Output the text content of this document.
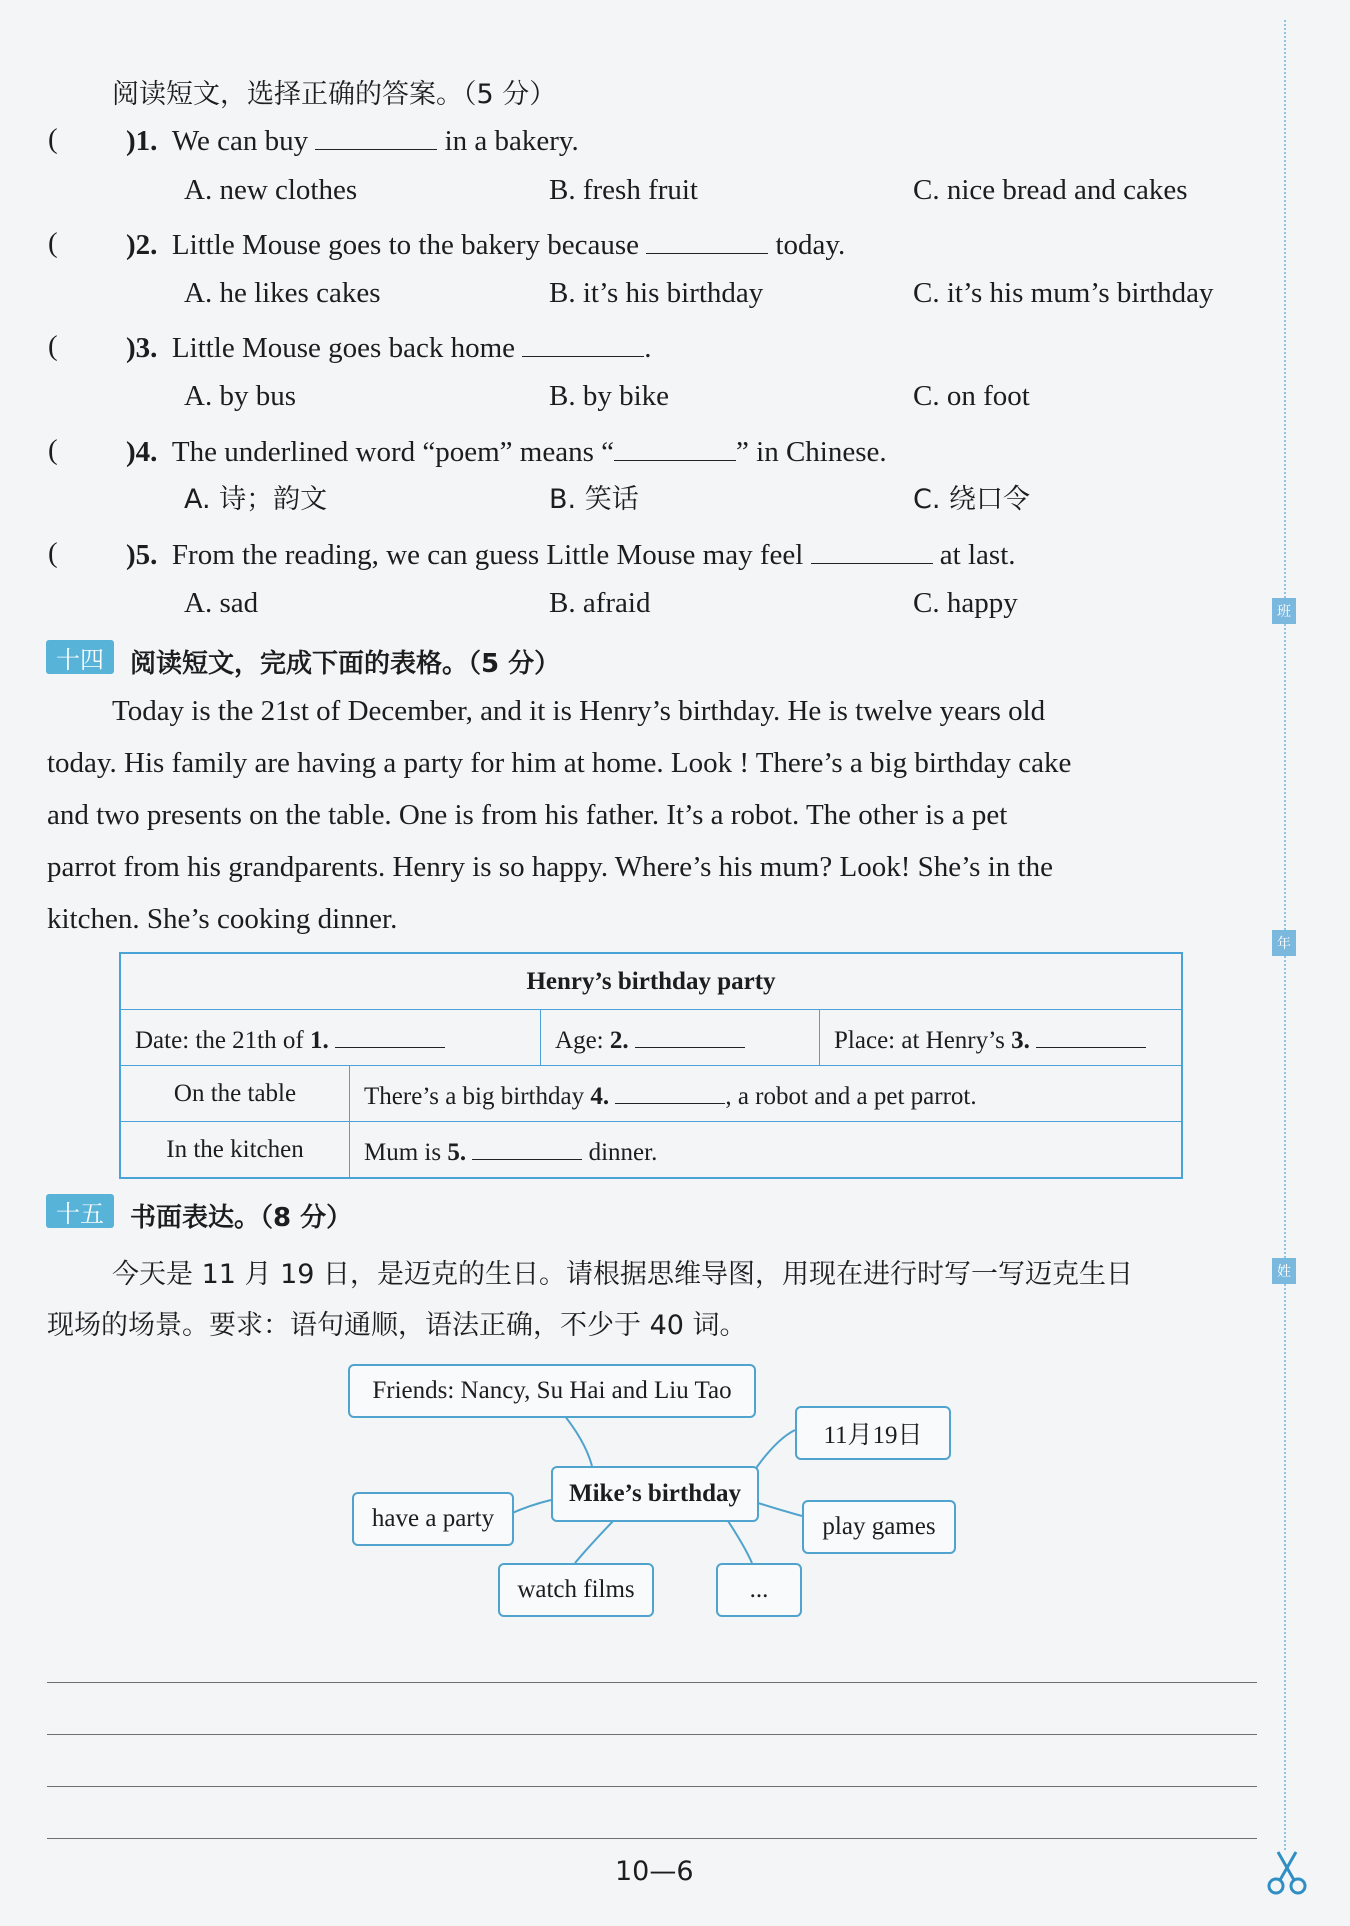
阅读短文，选择正确的答案。（5 分）
( )1. We can buy	in a bakery.
A. new clothes	B. fresh fruit	C. nice bread and cakes
( )2. Little Mouse goes to the bakery because	today.
A. he likes cakes	B. it’s his birthday	C. it’s his mum’s birthday
( )3. Little Mouse goes back home	.
A. by bus	B. by bike	C. on foot
( )4. The underlined word “poem” means “	” in Chinese.
A. 诗；韵文	B. 笑话	C. 绕口令
( )5. From the reading, we can guess Little Mouse may feel	at last.
A. sad	B. afraid	C. happy
十四	阅读短文，完成下面的表格。（5 分）
Today is the 21st of December, and it is Henry’s birthday. He is twelve years old
today. His family are having a party for him at home. Look ! There’s a big birthday cake
and two presents on the table. One is from his father. It’s a robot. The other is a pet
parrot from his grandparents. Henry is so happy. Where’s his mum? Look! She’s in the
kitchen. She’s cooking dinner.
Henry’s birthday party			
Date: the 21th of 1.		Age: 2.	Place: at Henry’s 3.
On the table	There’s a big birthday 4. , a robot and a pet parrot.		
In the kitchen	Mum is 5. dinner.		
十五	书面表达。（8 分）
今天是 11 月 19 日，是迈克的生日。请根据思维导图，用现在进行时写一写迈克生日
现场的场景。要求：语句通顺，语法正确，不少于 40 词。
Friends: Nancy, Su Hai and Liu Tao
11月19日
Mike’s birthday
have a party	play games
watch films	...
10—6
班
年
姓
